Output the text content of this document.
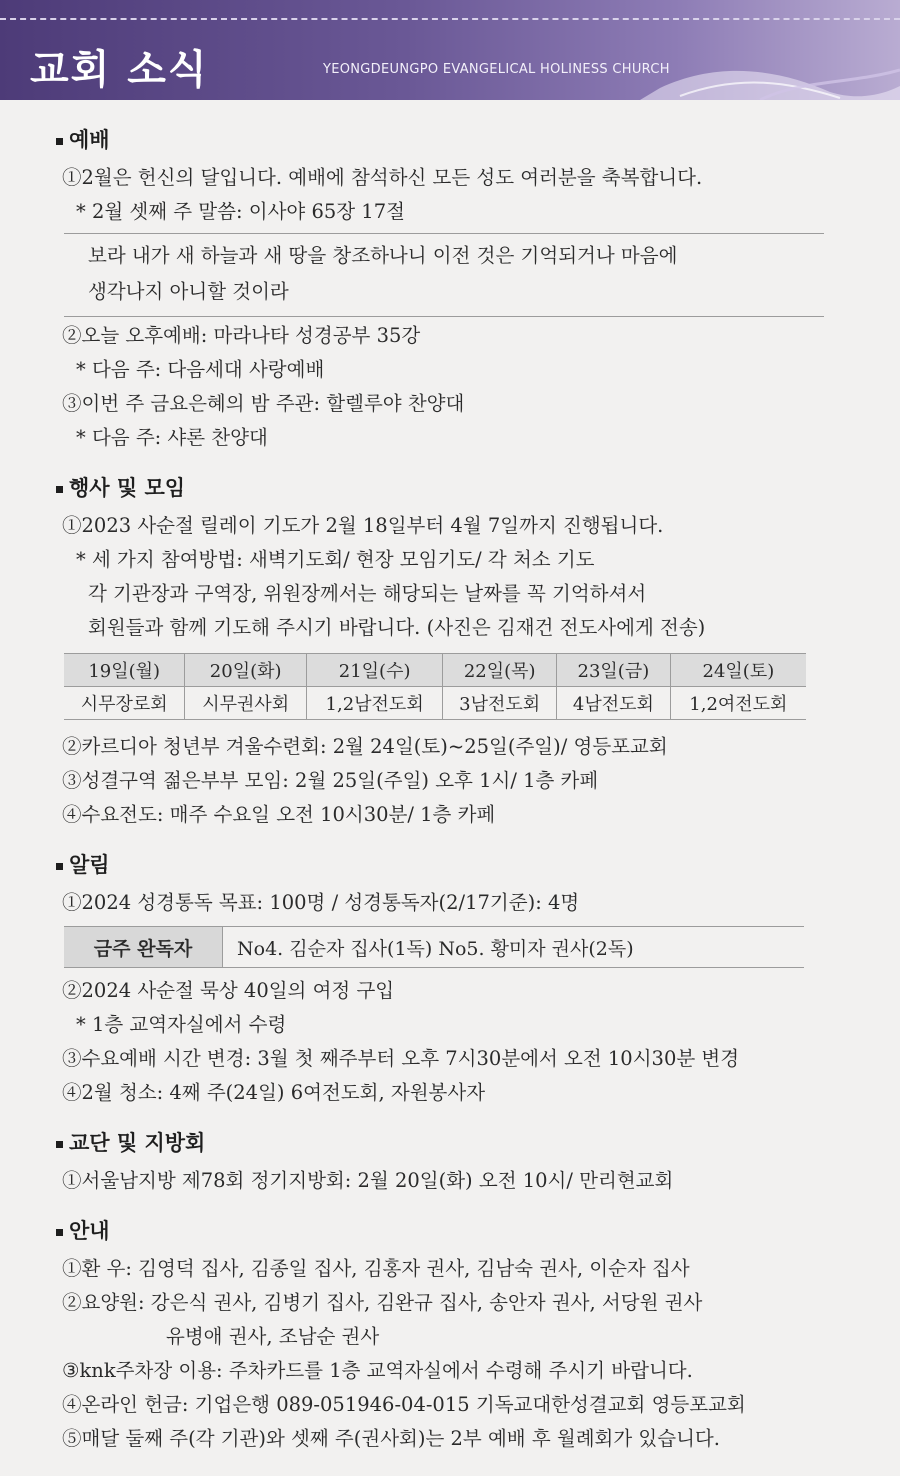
교회 소식	YEONGDEUNGPO EVANGELICAL HOLINESS CHURCH
예배
①2월은 헌신의 달입니다. 예배에 참석하신 모든 성도 여러분을 축복합니다.
* 2월 셋째 주 말씀: 이사야 65장 17절
보라 내가 새 하늘과 새 땅을 창조하나니 이전 것은 기억되거나 마음에
생각나지 아니할 것이라
②오늘 오후예배: 마라나타 성경공부 35강
* 다음 주: 다음세대 사랑예배
③이번 주 금요은혜의 밤 주관: 할렐루야 찬양대
* 다음 주: 샤론 찬양대
행사 및 모임
①2023 사순절 릴레이 기도가 2월 18일부터 4월 7일까지 진행됩니다.
* 세 가지 참여방법: 새벽기도회/ 현장 모임기도/ 각 처소 기도
각 기관장과 구역장, 위원장께서는 해당되는 날짜를 꼭 기억하셔서
회원들과 함께 기도해 주시기 바랍니다. (사진은 김재건 전도사에게 전송)
19일(월)	20일(화)	21일(수)	22일(목)	23일(금)	24일(토)
시무장로회	시무권사회	1,2남전도회	3남전도회	4남전도회	1,2여전도회
②카르디아 청년부 겨울수련회: 2월 24일(토)~25일(주일)/ 영등포교회
③성결구역 젊은부부 모임: 2월 25일(주일) 오후 1시/ 1층 카페
④수요전도: 매주 수요일 오전 10시30분/ 1층 카페
알림
①2024 성경통독 목표: 100명 / 성경통독자(2/17기준): 4명
금주 완독자	No4. 김순자 집사(1독) No5. 황미자 권사(2독)
②2024 사순절 묵상 40일의 여정 구입
* 1층 교역자실에서 수령
③수요예배 시간 변경: 3월 첫 째주부터 오후 7시30분에서 오전 10시30분 변경
④2월 청소: 4째 주(24일) 6여전도회, 자원봉사자
교단 및 지방회
①서울남지방 제78회 정기지방회: 2월 20일(화) 오전 10시/ 만리현교회
안내
①환 우: 김영덕 집사, 김종일 집사, 김홍자 권사, 김남숙 권사, 이순자 집사
②요양원: 강은식 권사, 김병기 집사, 김완규 집사, 송안자 권사, 서당원 권사
유병애 권사, 조남순 권사
③knk주차장 이용: 주차카드를 1층 교역자실에서 수령해 주시기 바랍니다.
④온라인 헌금: 기업은행 089-051946-04-015 기독교대한성결교회 영등포교회
⑤매달 둘째 주(각 기관)와 셋째 주(권사회)는 2부 예배 후 월례회가 있습니다.
